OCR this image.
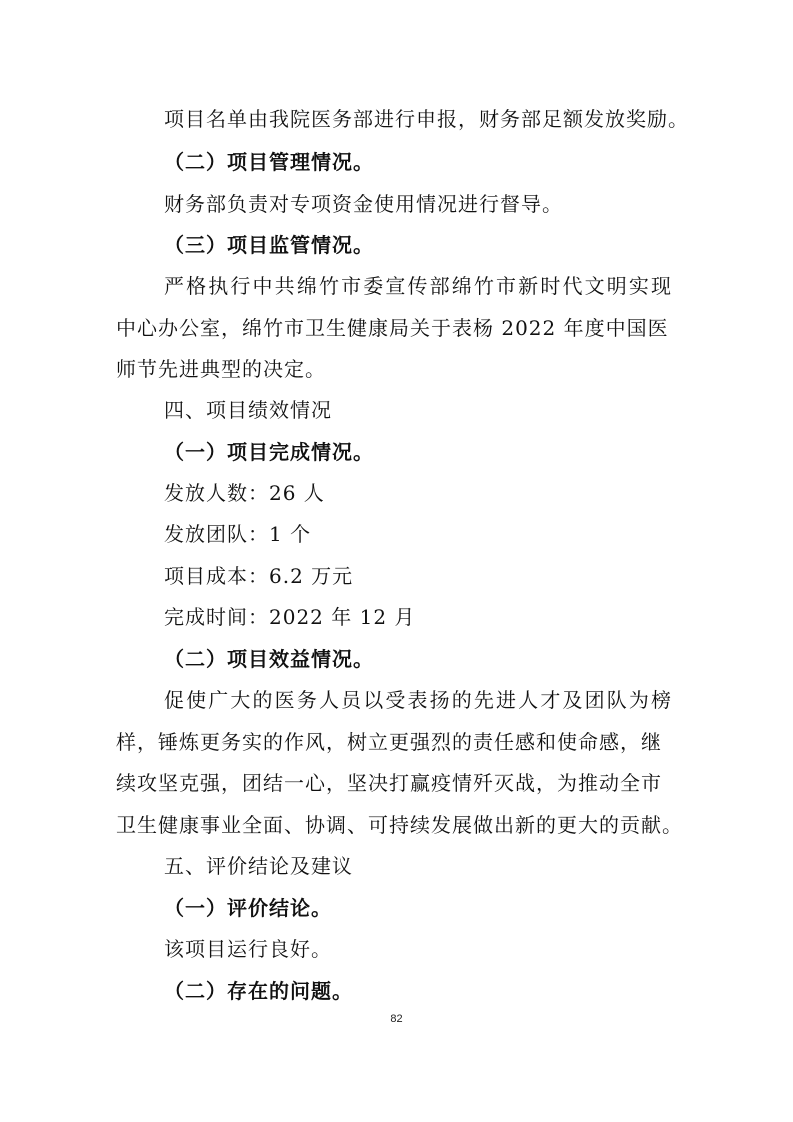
项目名单由我院医务部进行申报，财务部足额发放奖励。
（二）项目管理情况。
财务部负责对专项资金使用情况进行督导。
（三）项目监管情况。
严格执行中共绵竹市委宣传部绵竹市新时代文明实现
中心办公室，绵竹市卫生健康局关于表杨 2022 年度中国医
师节先进典型的决定。
四、项目绩效情况
（一）项目完成情况。
发放人数：26 人
发放团队：1 个
项目成本：6.2 万元
完成时间：2022 年 12 月
（二）项目效益情况。
促使广大的医务人员以受表扬的先进人才及团队为榜
样，锤炼更务实的作风，树立更强烈的责任感和使命感，继
续攻坚克强，团结一心，坚决打赢疫情歼灭战，为推动全市
卫生健康事业全面、协调、可持续发展做出新的更大的贡献。
五、评价结论及建议
（一）评价结论。
该项目运行良好。
（二）存在的问题。
82
